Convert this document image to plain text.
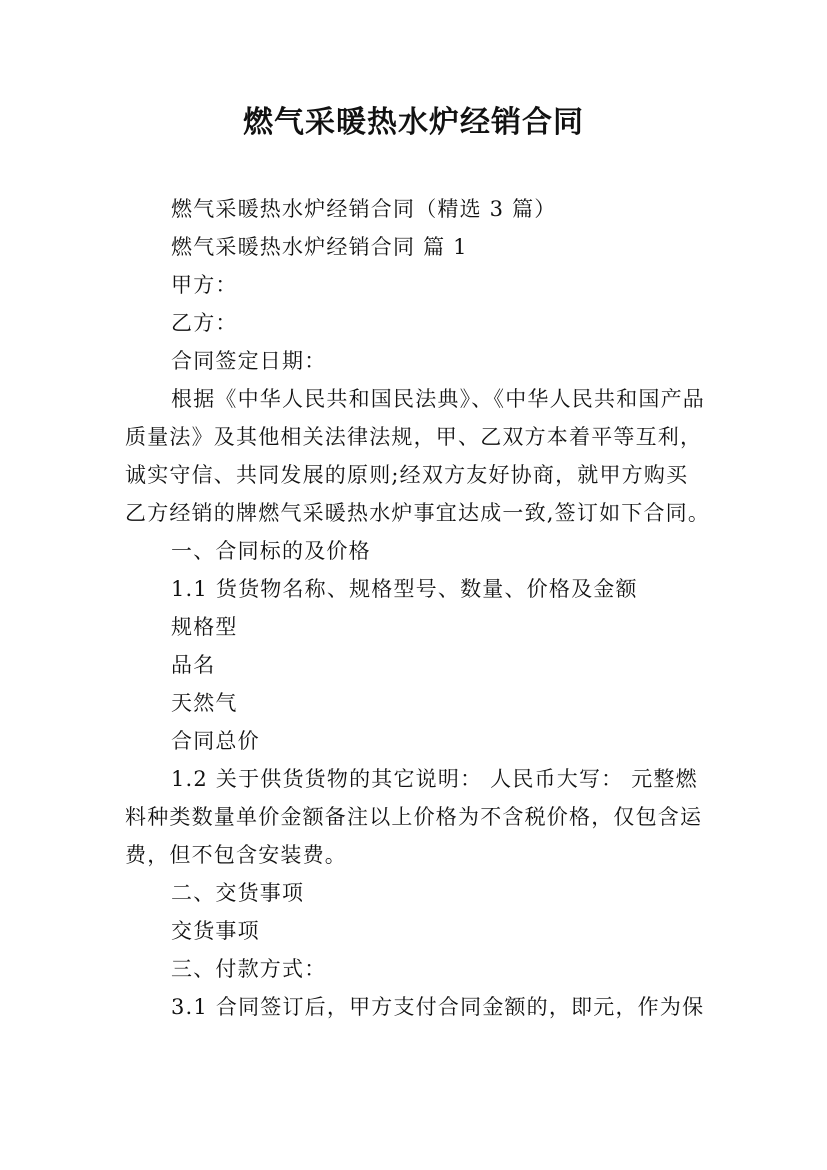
燃气采暖热水炉经销合同
燃气采暖热水炉经销合同（精选 3 篇）
燃气采暖热水炉经销合同 篇 1
甲方：
乙方：
合同签定日期：
根据《中华人民共和国民法典》、《中华人民共和国产品
质量法》及其他相关法律法规，甲、乙双方本着平等互利，
诚实守信、共同发展的原则;经双方友好协商，就甲方购买
乙方经销的牌燃气采暖热水炉事宜达成一致,签订如下合同。
一、合同标的及价格
1.1 货货物名称、规格型号、数量、价格及金额
规格型
品名
天然气
合同总价
1.2 关于供货货物的其它说明： 人民币大写： 元整燃
料种类数量单价金额备注以上价格为不含税价格，仅包含运
费，但不包含安装费。
二、交货事项
交货事项
三、付款方式：
3.1 合同签订后，甲方支付合同金额的，即元，作为保
